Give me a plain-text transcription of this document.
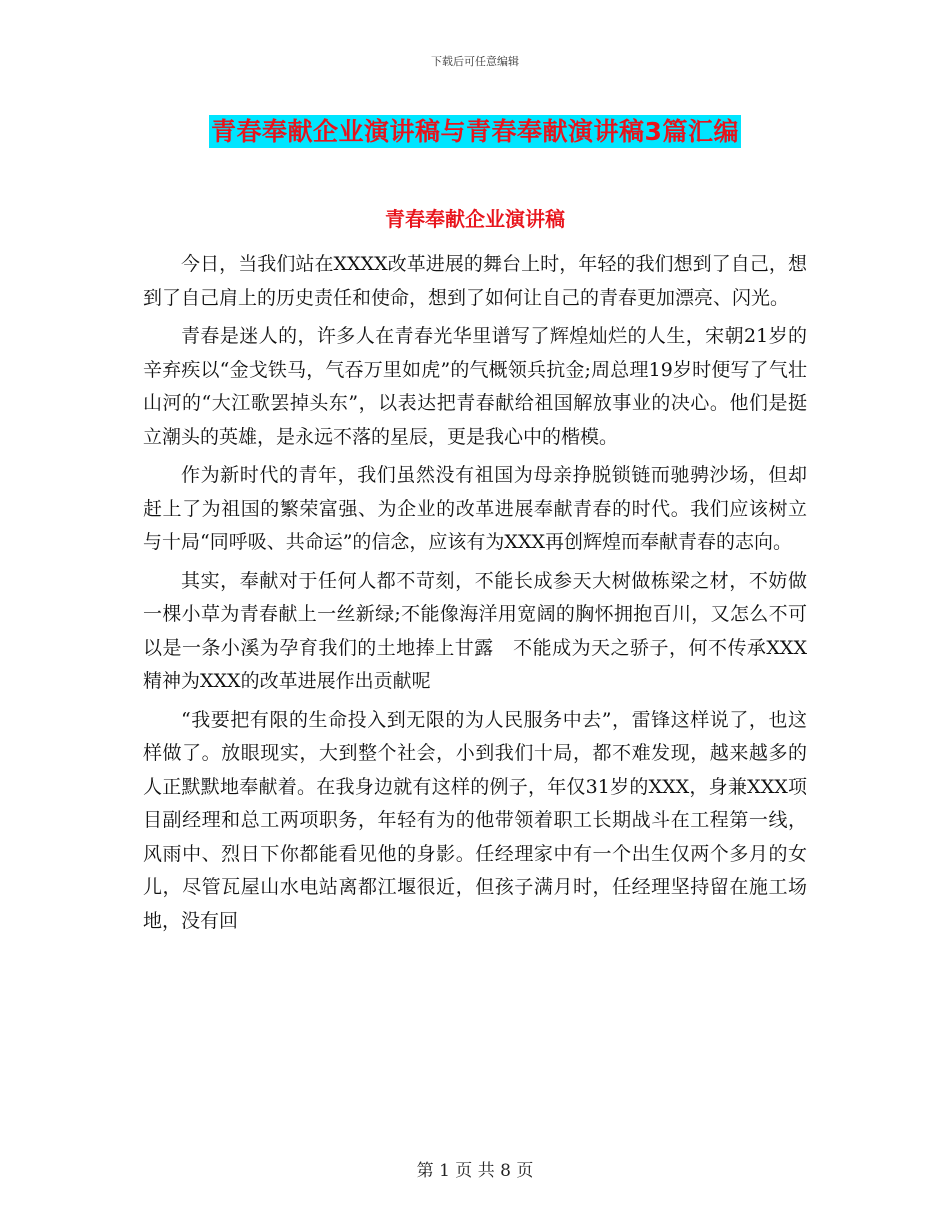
下载后可任意编辑
青春奉献企业演讲稿与青春奉献演讲稿3篇汇编
青春奉献企业演讲稿

今日，当我们站在XXXX改革进展的舞台上时，年轻的我们想到了自己，想到了自己肩上的历史责任和使命，想到了如何让自己的青春更加漂亮、闪光。

青春是迷人的，许多人在青春光华里谱写了辉煌灿烂的人生，宋朝21岁的辛弃疾以“金戈铁马，气吞万里如虎”的气概领兵抗金;周总理19岁时便写了气壮山河的“大江歌罢掉头东”，以表达把青春献给祖国解放事业的决心。他们是挺立潮头的英雄，是永远不落的星辰，更是我心中的楷模。

作为新时代的青年，我们虽然没有祖国为母亲挣脱锁链而驰骋沙场，但却赶上了为祖国的繁荣富强、为企业的改革进展奉献青春的时代。我们应该树立与十局“同呼吸、共命运”的信念，应该有为XXX再创辉煌而奉献青春的志向。

其实，奉献对于任何人都不苛刻，不能长成参天大树做栋梁之材，不妨做一棵小草为青春献上一丝新绿;不能像海洋用宽阔的胸怀拥抱百川，又怎么不可以是一条小溪为孕育我们的土地捧上甘露　不能成为天之骄子，何不传承XXX精神为XXX的改革进展作出贡献呢

“我要把有限的生命投入到无限的为人民服务中去”，雷锋这样说了，也这样做了。放眼现实，大到整个社会，小到我们十局，都不难发现，越来越多的人正默默地奉献着。在我身边就有这样的例子，年仅31岁的XXX，身兼XXX项目副经理和总工两项职务，年轻有为的他带领着职工长期战斗在工程第一线，风雨中、烈日下你都能看见他的身影。任经理家中有一个出生仅两个多月的女儿，尽管瓦屋山水电站离都江堰很近，但孩子满月时，任经理坚持留在施工场地，没有回

第 1 页 共 8 页
